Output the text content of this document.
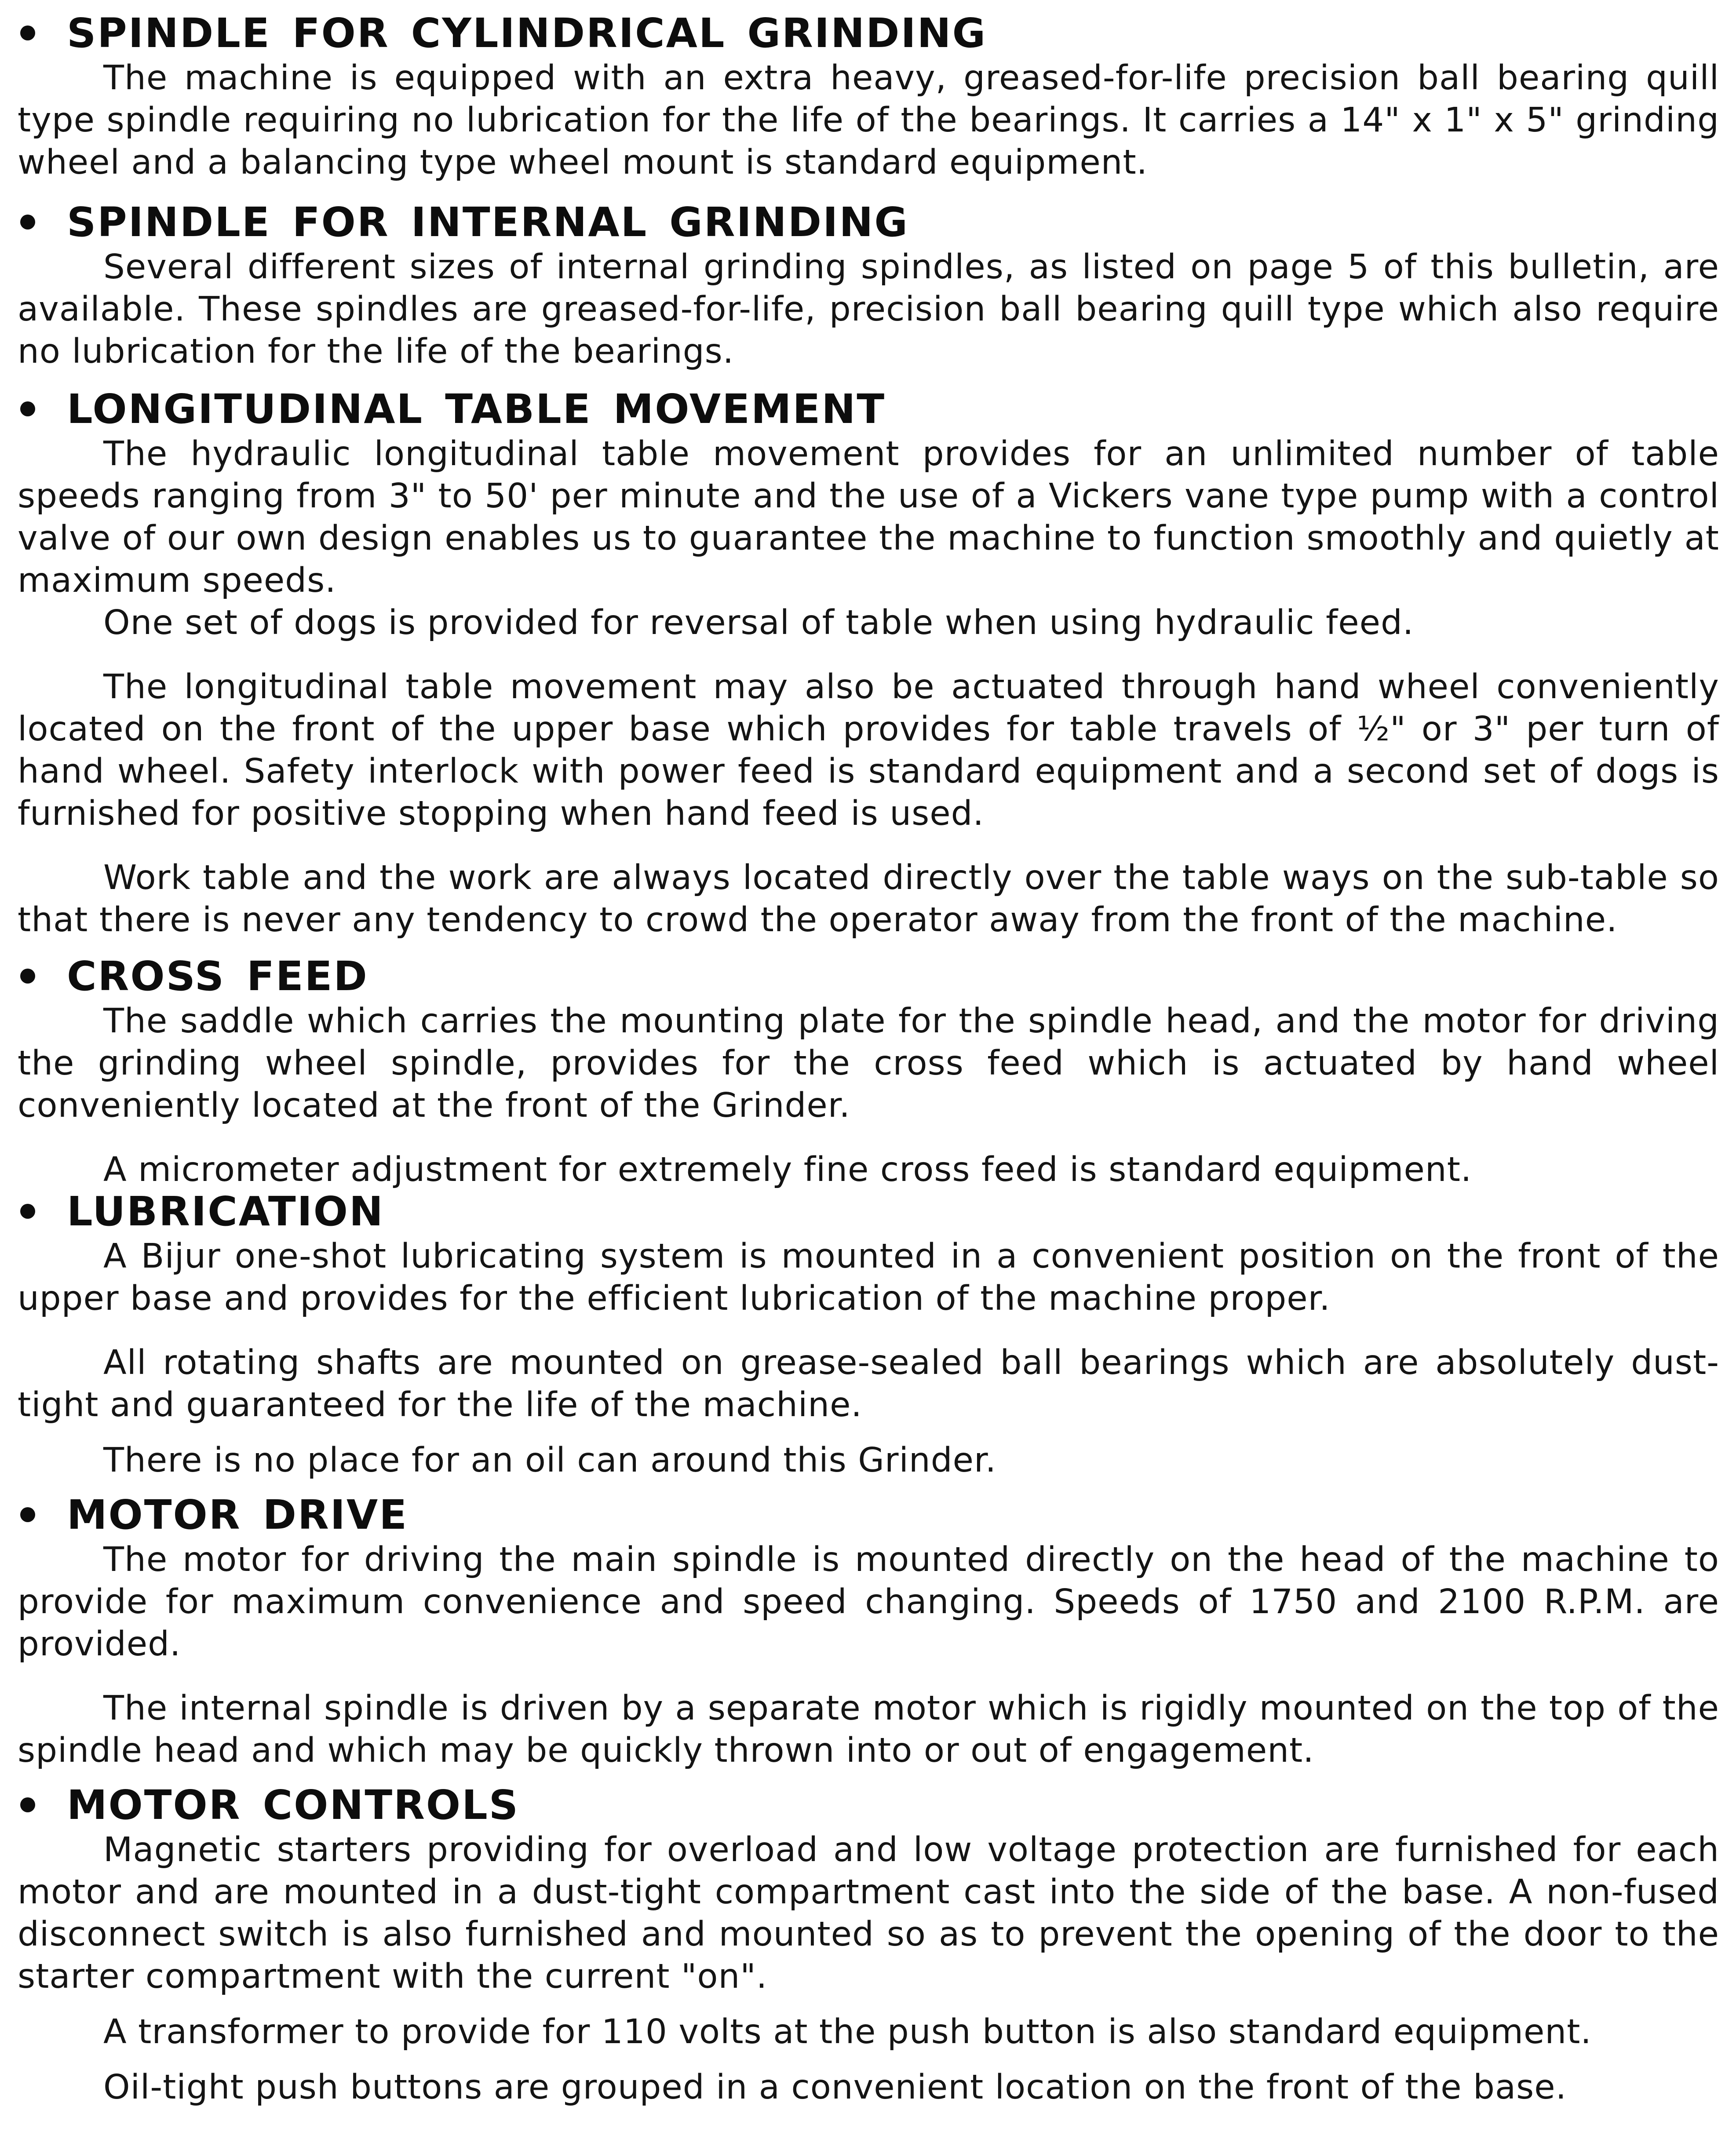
SPINDLE FOR CYLINDRICAL GRINDING

The machine is equipped with an extra heavy, greased-for-life precision ball bearing quill type spindle requiring no lubrication for the life of the bearings. It carries a 14" x 1" x 5" grinding wheel and a balancing type wheel mount is standard equipment.

SPINDLE FOR INTERNAL GRINDING

Several different sizes of internal grinding spindles, as listed on page 5 of this bulletin, are available. These spindles are greased-for-life, precision ball bearing quill type which also require no lubrication for the life of the bearings.

LONGITUDINAL TABLE MOVEMENT

The hydraulic longitudinal table movement provides for an unlimited number of table speeds ranging from 3" to 50' per minute and the use of a Vickers vane type pump with a control valve of our own design enables us to guarantee the machine to function smoothly and quietly at maximum speeds.

One set of dogs is provided for reversal of table when using hydraulic feed.

The longitudinal table movement may also be actuated through hand wheel conveniently located on the front of the upper base which provides for table travels of ½" or 3" per turn of hand wheel. Safety interlock with power feed is standard equipment and a second set of dogs is furnished for positive stopping when hand feed is used.

Work table and the work are always located directly over the table ways on the sub-table so that there is never any tendency to crowd the operator away from the front of the machine.

CROSS FEED

The saddle which carries the mounting plate for the spindle head, and the motor for driving the grinding wheel spindle, provides for the cross feed which is actuated by hand wheel conveniently located at the front of the Grinder.

A micrometer adjustment for extremely fine cross feed is standard equipment.

LUBRICATION

A Bijur one-shot lubricating system is mounted in a convenient position on the front of the upper base and provides for the efficient lubrication of the machine proper.

All rotating shafts are mounted on grease-sealed ball bearings which are absolutely dust-tight and guaranteed for the life of the machine.

There is no place for an oil can around this Grinder.

MOTOR DRIVE

The motor for driving the main spindle is mounted directly on the head of the machine to provide for maximum convenience and speed changing. Speeds of 1750 and 2100 R.P.M. are provided.

The internal spindle is driven by a separate motor which is rigidly mounted on the top of the spindle head and which may be quickly thrown into or out of engagement.

MOTOR CONTROLS

Magnetic starters providing for overload and low voltage protection are furnished for each motor and are mounted in a dust-tight compartment cast into the side of the base. A non-fused disconnect switch is also furnished and mounted so as to prevent the opening of the door to the starter compartment with the current "on".

A transformer to provide for 110 volts at the push button is also standard equipment.

Oil-tight push buttons are grouped in a convenient location on the front of the base.
